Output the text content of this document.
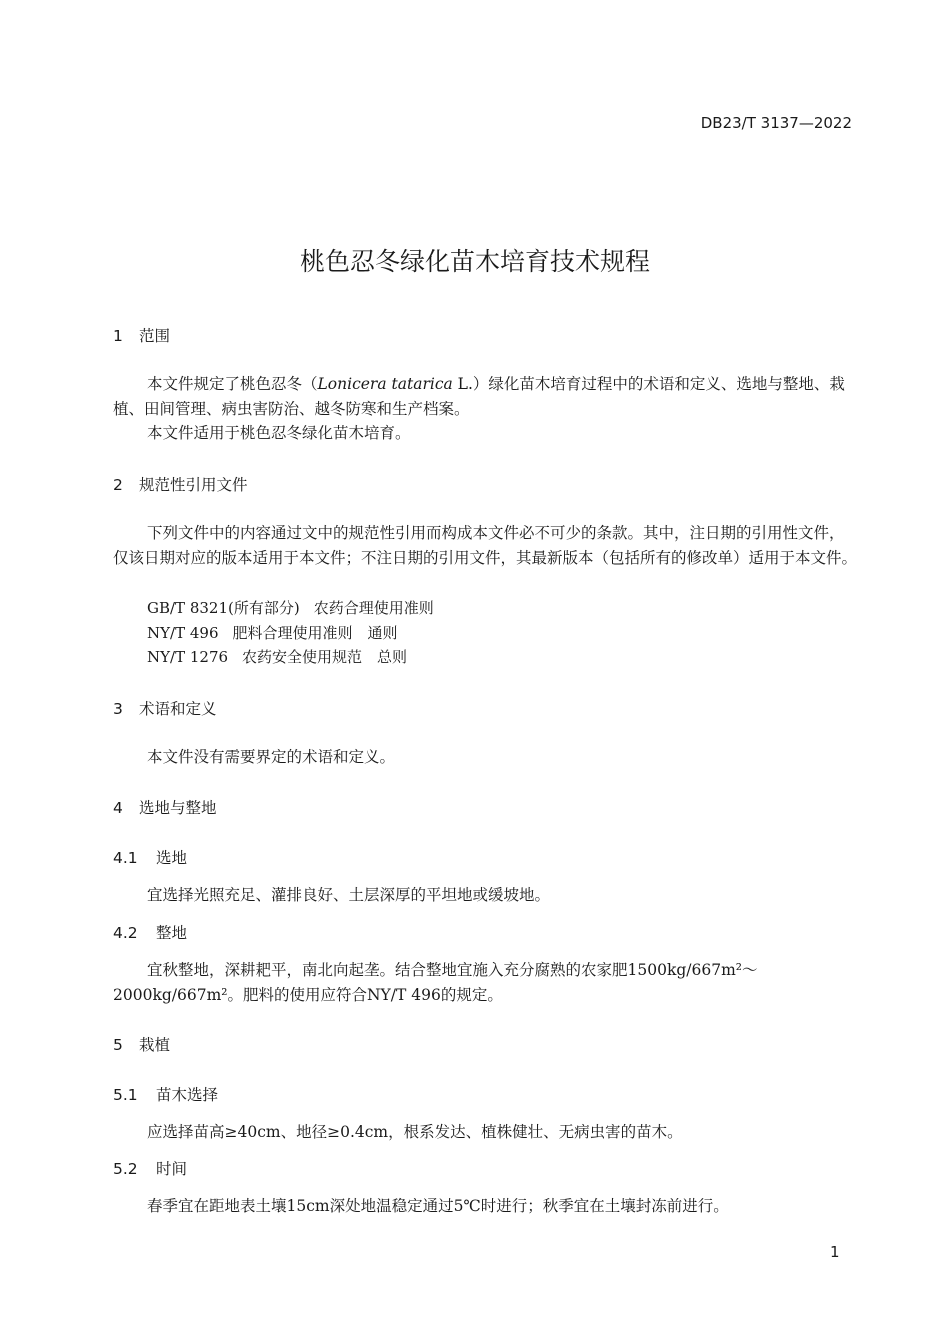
DB23/T 3137—2022
桃色忍冬绿化苗木培育技术规程
1 范围
本文件规定了桃色忍冬（Lonicera tatarica L.）绿化苗木培育过程中的术语和定义、选地与整地、栽植、田间管理、病虫害防治、越冬防寒和生产档案。
本文件适用于桃色忍冬绿化苗木培育。
2 规范性引用文件
下列文件中的内容通过文中的规范性引用而构成本文件必不可少的条款。其中，注日期的引用性文件，仅该日期对应的版本适用于本文件；不注日期的引用文件，其最新版本（包括所有的修改单）适用于本文件。
GB/T 8321(所有部分) 农药合理使用准则
NY/T 496 肥料合理使用准则　通则
NY/T 1276 农药安全使用规范　总则
3 术语和定义
本文件没有需要界定的术语和定义。
4 选地与整地
4.1 选地
宜选择光照充足、灌排良好、土层深厚的平坦地或缓坡地。
4.2 整地
宜秋整地，深耕耙平，南北向起垄。结合整地宜施入充分腐熟的农家肥1500kg/667m²～2000kg/667m²。肥料的使用应符合NY/T 496的规定。
5 栽植
5.1 苗木选择
应选择苗高≥40cm、地径≥0.4cm，根系发达、植株健壮、无病虫害的苗木。
5.2 时间
春季宜在距地表土壤15cm深处地温稳定通过5℃时进行；秋季宜在土壤封冻前进行。
1
